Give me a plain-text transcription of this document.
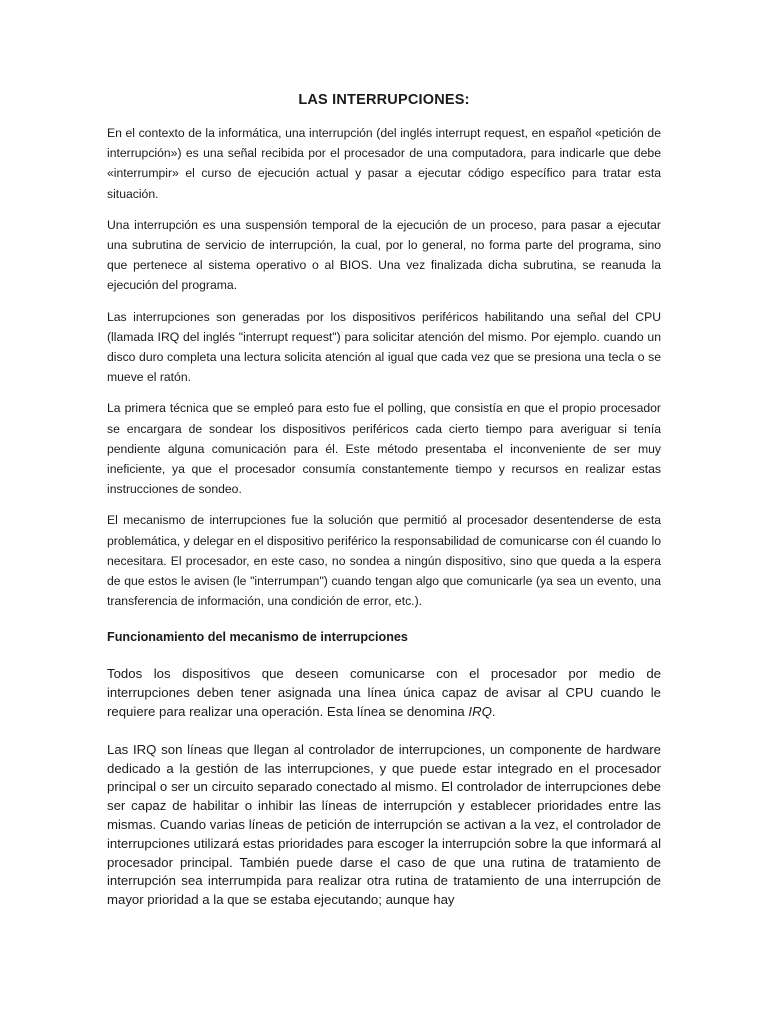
LAS INTERRUPCIONES:

En el contexto de la informática, una interrupción (del inglés interrupt request, en español «petición de interrupción») es una señal recibida por el procesador de una computadora, para indicarle que debe «interrumpir» el curso de ejecución actual y pasar a ejecutar código específico para tratar esta situación.

Una interrupción es una suspensión temporal de la ejecución de un proceso, para pasar a ejecutar una subrutina de servicio de interrupción, la cual, por lo general, no forma parte del programa, sino que pertenece al sistema operativo o al BIOS. Una vez finalizada dicha subrutina, se reanuda la ejecución del programa.

Las interrupciones son generadas por los dispositivos periféricos habilitando una señal del CPU (llamada IRQ del inglés "interrupt request") para solicitar atención del mismo. Por ejemplo. cuando un disco duro completa una lectura solicita atención al igual que cada vez que se presiona una tecla o se mueve el ratón.

La primera técnica que se empleó para esto fue el polling, que consistía en que el propio procesador se encargara de sondear los dispositivos periféricos cada cierto tiempo para averiguar si tenía pendiente alguna comunicación para él. Este método presentaba el inconveniente de ser muy ineficiente, ya que el procesador consumía constantemente tiempo y recursos en realizar estas instrucciones de sondeo.

El mecanismo de interrupciones fue la solución que permitió al procesador desentenderse de esta problemática, y delegar en el dispositivo periférico la responsabilidad de comunicarse con él cuando lo necesitara. El procesador, en este caso, no sondea a ningún dispositivo, sino que queda a la espera de que estos le avisen (le "interrumpan") cuando tengan algo que comunicarle (ya sea un evento, una transferencia de información, una condición de error, etc.).

Funcionamiento del mecanismo de interrupciones

Todos los dispositivos que deseen comunicarse con el procesador por medio de interrupciones deben tener asignada una línea única capaz de avisar al CPU cuando le requiere para realizar una operación. Esta línea se denomina IRQ.

Las IRQ son líneas que llegan al controlador de interrupciones, un componente de hardware dedicado a la gestión de las interrupciones, y que puede estar integrado en el procesador principal o ser un circuito separado conectado al mismo. El controlador de interrupciones debe ser capaz de habilitar o inhibir las líneas de interrupción y establecer prioridades entre las mismas. Cuando varias líneas de petición de interrupción se activan a la vez, el controlador de interrupciones utilizará estas prioridades para escoger la interrupción sobre la que informará al procesador principal. También puede darse el caso de que una rutina de tratamiento de interrupción sea interrumpida para realizar otra rutina de tratamiento de una interrupción de mayor prioridad a la que se estaba ejecutando; aunque hay
